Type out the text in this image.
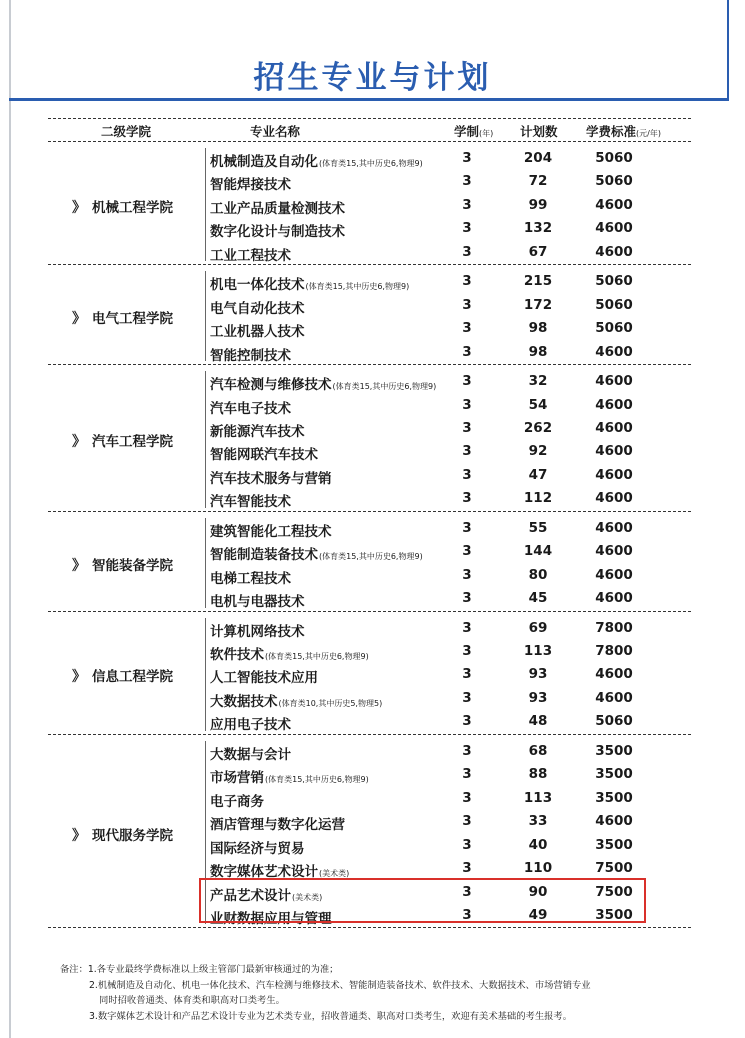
招生专业与计划
二级学院	专业名称	学制(年) 计划数 学费标准(元/年)
机械制造及自动化(体育类15,其中历史6,物理9)	3	204	5060
智能焊接技术	3	72	5060
工业产品质量检测技术	3	99	4600
数字化设计与制造技术	3	132	4600
工业工程技术	3	67	4600
》 机械工程学院
机电一体化技术(体育类15,其中历史6,物理9)	3	215	5060
电气自动化技术	3	172	5060
工业机器人技术	3	98	5060
智能控制技术	3	98	4600
》 电气工程学院
汽车检测与维修技术(体育类15,其中历史6,物理9)	3	32	4600
汽车电子技术	3	54	4600
新能源汽车技术	3	262	4600
智能网联汽车技术	3	92	4600
汽车技术服务与营销	3	47	4600
汽车智能技术	3	112	4600
》 汽车工程学院
建筑智能化工程技术	3	55	4600
智能制造装备技术(体育类15,其中历史6,物理9)	3	144	4600
电梯工程技术	3	80	4600
电机与电器技术	3	45	4600
》 智能装备学院
计算机网络技术	3	69	7800
软件技术(体育类15,其中历史6,物理9)	3	113	7800
人工智能技术应用	3	93	4600
大数据技术(体育类10,其中历史5,物理5)	3	93	4600
应用电子技术	3	48	5060
》 信息工程学院
大数据与会计	3	68	3500
市场营销(体育类15,其中历史6,物理9)	3	88	3500
电子商务	3	113	3500
酒店管理与数字化运营	3	33	4600
国际经济与贸易	3	40	3500
数字媒体艺术设计(美术类)	3	110	7500
产品艺术设计(美术类)	3	90	7500
业财数据应用与管理	3	49	3500
》 现代服务学院
备注：1.各专业最终学费标准以上级主管部门最新审核通过的为准；
2.机械制造及自动化、机电一体化技术、汽车检测与维修技术、智能制造装备技术、软件技术、大数据技术、市场营销专业
同时招收普通类、体育类和职高对口类考生。
3.数字媒体艺术设计和产品艺术设计专业为艺术类专业，招收普通类、职高对口类考生，欢迎有美术基础的考生报考。
